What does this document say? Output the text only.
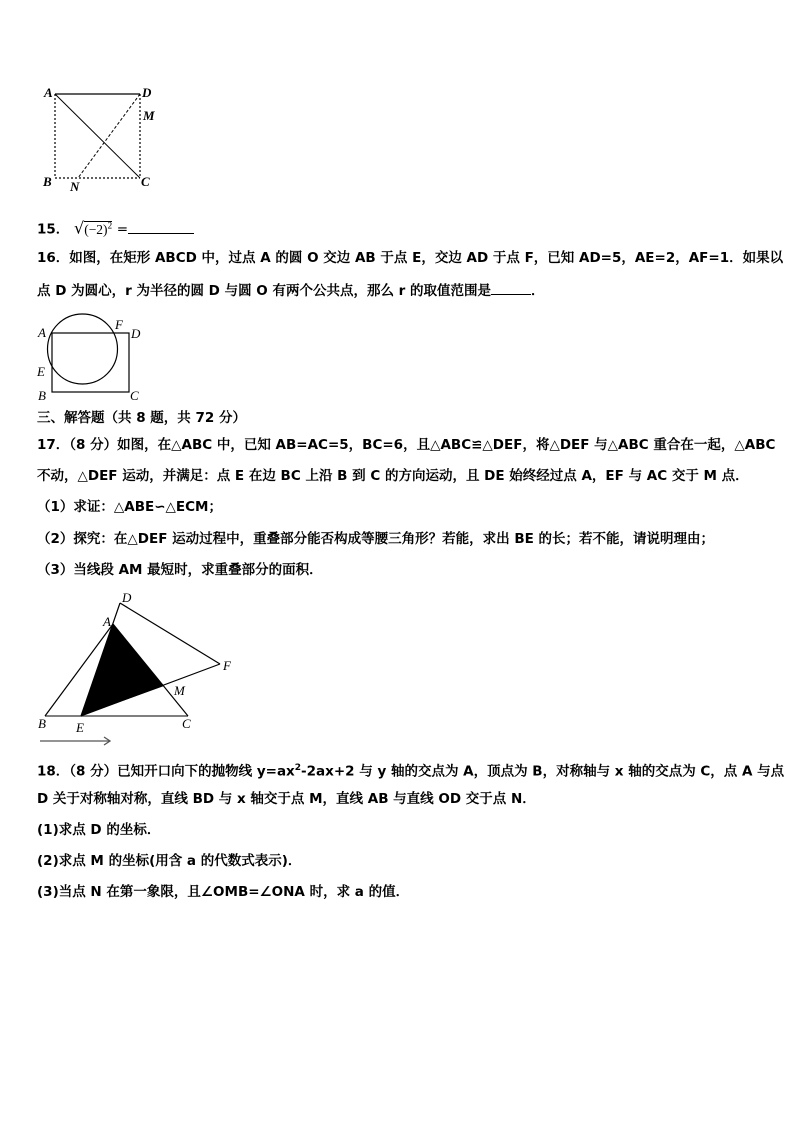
A	D
M
B N	C
15． $√(-2)^2$ =
16．如图，在矩形 ABCD 中，过点 A 的圆 O 交边 AB 于点 E，交边 AD 于点 F，已知 AD=5，AE=2，AF=1．如果以
点 D 为圆心，r 为半径的圆 D 与圆 O 有两个公共点，那么 r 的取值范围是	．
A
F
D
E
B	C
三、解答题（共 8 题，共 72 分）
17．（8 分）如图，在△ABC 中，已知 AB=AC=5，BC=6，且△ABC≌△DEF，将△DEF 与△ABC 重合在一起，△ABC
不动，△DEF 运动，并满足：点 E 在边 BC 上沿 B 到 C 的方向运动，且 DE 始终经过点 A，EF 与 AC 交于 M 点．
（1）求证：△ABE∽△ECM；
（2）探究：在△DEF 运动过程中，重叠部分能否构成等腰三角形？若能，求出 BE 的长；若不能，请说明理由；
（3）当线段 AM 最短时，求重叠部分的面积．
D
A
F
M
B E	C
18．（8 分）已知开口向下的抛物线 $y=ax^2-2ax+2$ 与 y 轴的交点为 A，顶点为 B，对称轴与 x 轴的交点为 C，点 A 与点
D 关于对称轴对称，直线 BD 与 x 轴交于点 M，直线 AB 与直线 OD 交于点 N．
(1)求点 D 的坐标．
(2)求点 M 的坐标(用含 a 的代数式表示)．
(3)当点 N 在第一象限，且∠OMB=∠ONA 时，求 a 的值．
